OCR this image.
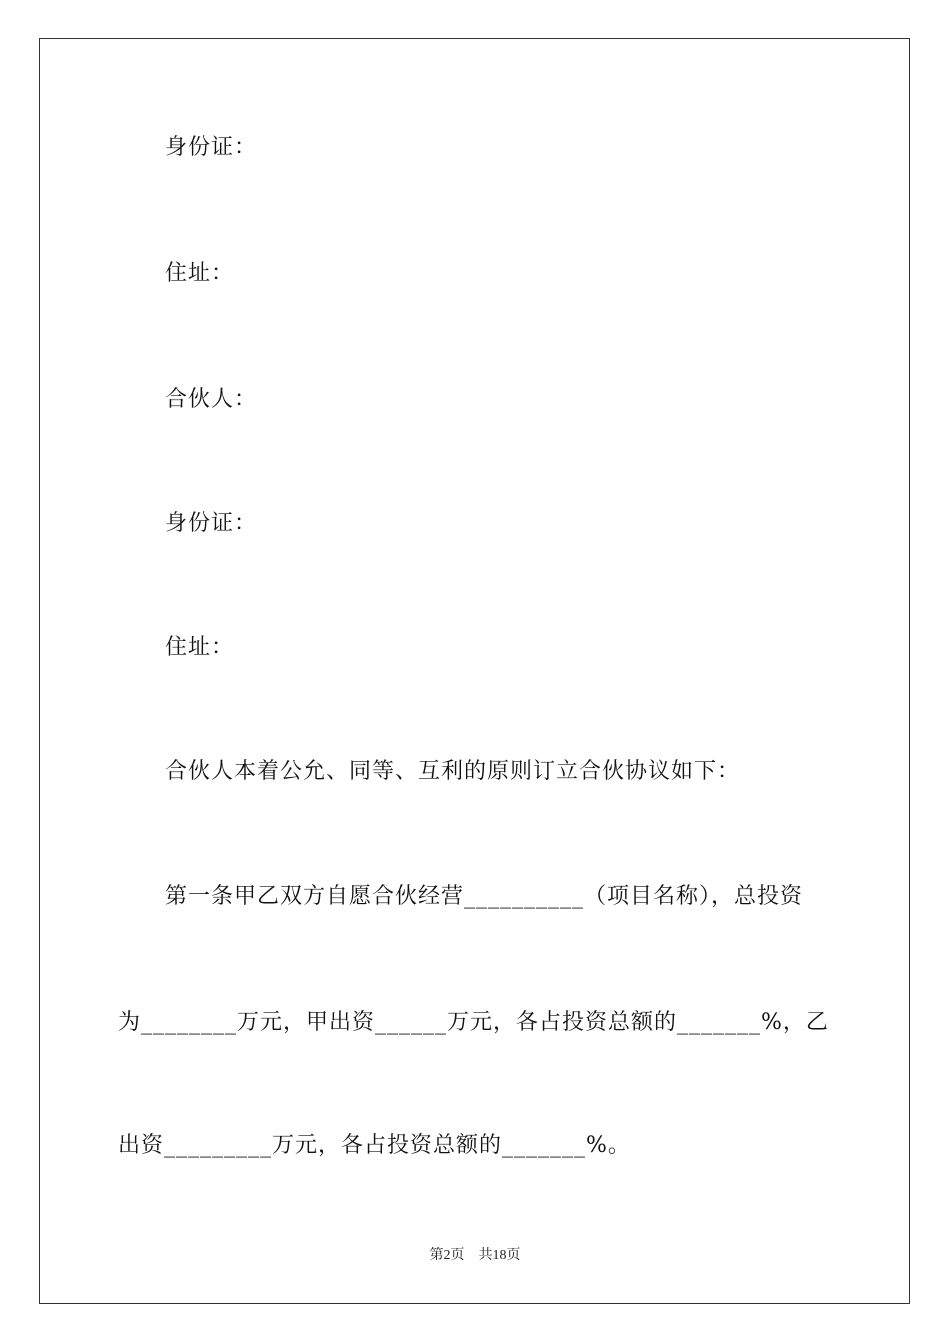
身份证：
住址：
合伙人：
身份证：
住址：
合伙人本着公允、同等、互利的原则订立合伙协议如下：
第一条甲乙双方自愿合伙经营__________（项目名称），总投资
为________万元，甲出资______万元，各占投资总额的_______%，乙
出资_________万元，各占投资总额的_______%。
第2页 共18页
